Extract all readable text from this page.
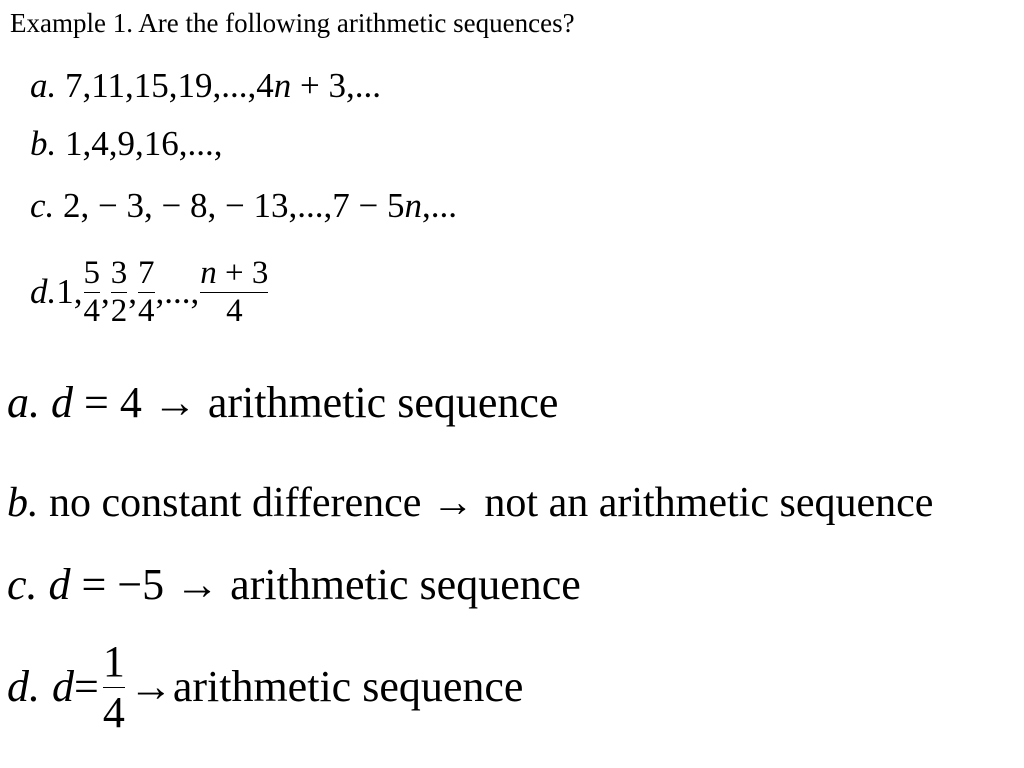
Example 1. Are the following arithmetic sequences?
a. 7,11,15,19,...,4n + 3,...
b. 1,4,9,16,...,
c. 2, − 3, − 8, − 13,...,7 − 5n,...
d. 1, $\frac{5}{4}$ , $\frac{3}{2}$ , $\frac{7}{4}$ ,..., $\frac{n + 3}{4}$
a. d = 4 → arithmetic sequence
b. no constant difference → not an arithmetic sequence
c. d = −5 → arithmetic sequence
d. $d = \frac{1}{4}$ → arithmetic sequence
